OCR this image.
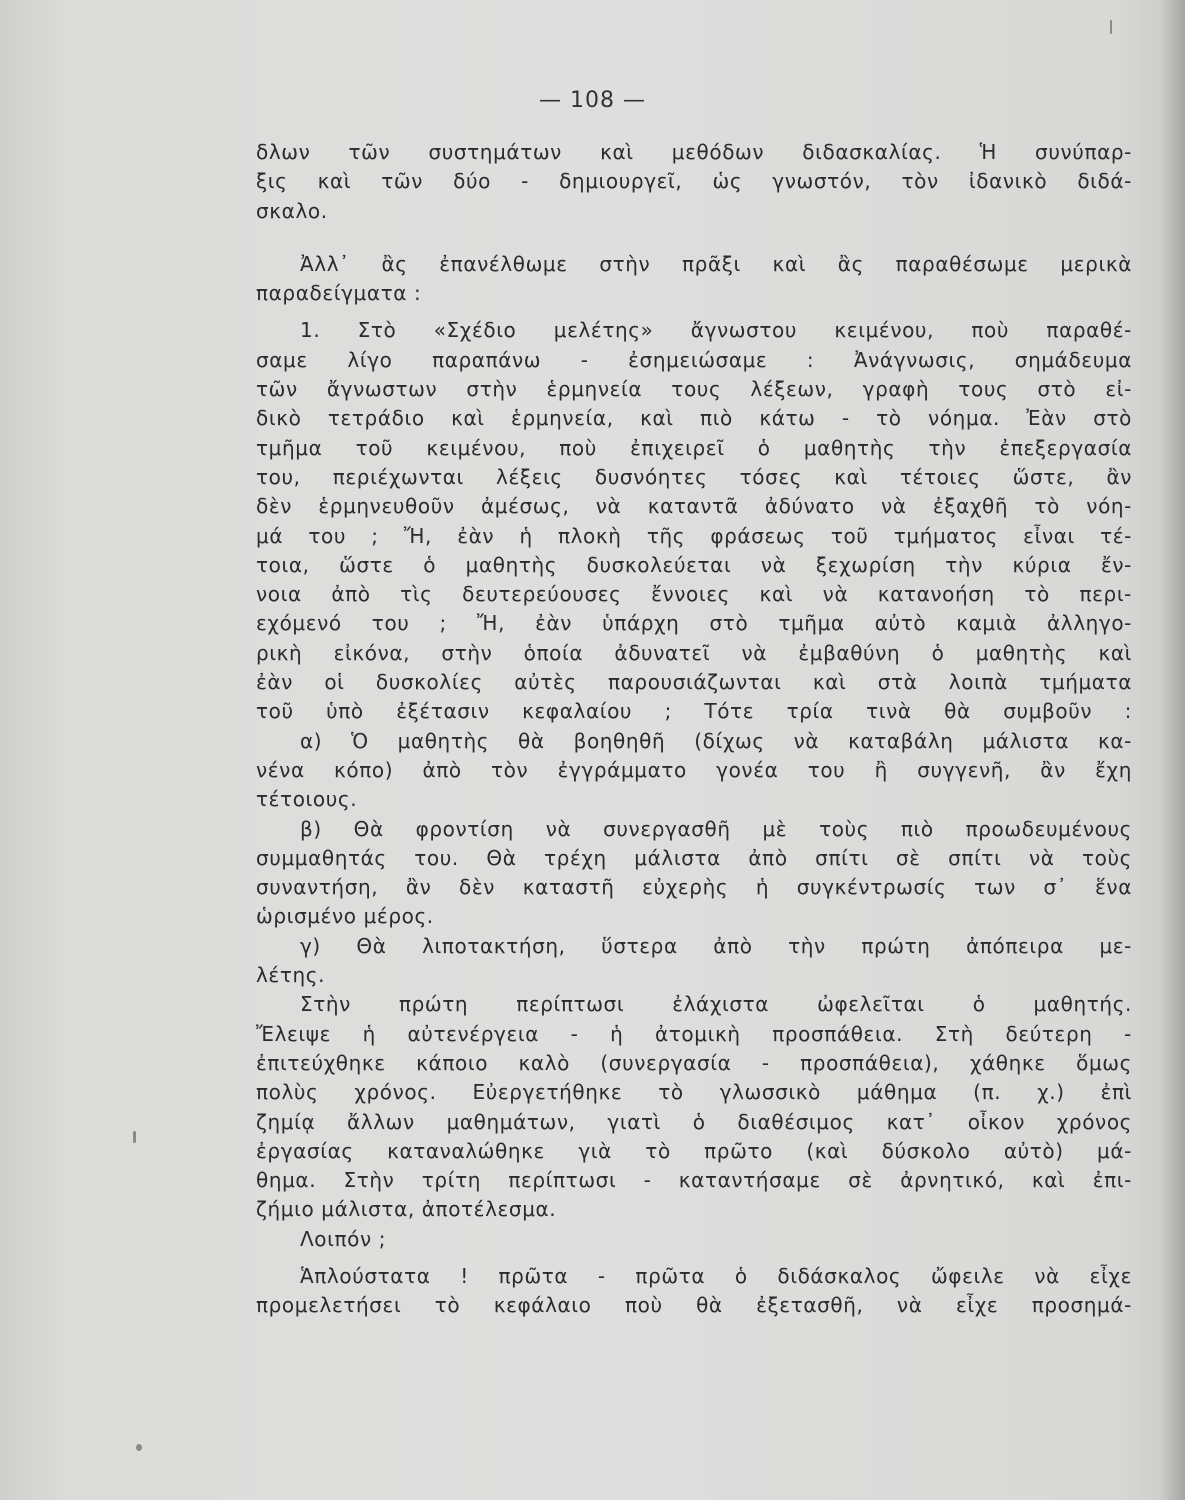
— 108 —
δλων τῶν συστημάτων καὶ μεθόδων διδασκαλίας. Ἡ συνύπαρ-
ξις καὶ τῶν δύο - δημιουργεῖ, ὡς γνωστόν, τὸν ἰδανικὸ διδά-
σκαλο.
Ἀλλ᾽ ἂς ἐπανέλθωμε στὴν πρᾶξι καὶ ἂς παραθέσωμε μερικὰ
παραδείγματα :
1. Στὸ «Σχέδιο μελέτης» ἄγνωστου κειμένου, ποὺ παραθέ-
σαμε λίγο παραπάνω - ἐσημειώσαμε : Ἀνάγνωσις, σημάδευμα
τῶν ἄγνωστων στὴν ἑρμηνεία τους λέξεων, γραφὴ τους στὸ εἰ-
δικὸ τετράδιο καὶ ἑρμηνεία, καὶ πιὸ κάτω - τὸ νόημα. Ἐὰν στὸ
τμῆμα τοῦ κειμένου, ποὺ ἐπιχειρεῖ ὁ μαθητὴς τὴν ἐπεξεργασία
του, περιέχωνται λέξεις δυσνόητες τόσες καὶ τέτοιες ὥστε, ἂν
δὲν ἑρμηνευθοῦν ἀμέσως, νὰ καταντᾶ ἀδύνατο νὰ ἐξαχθῆ τὸ νόη-
μά του ; Ἤ, ἐὰν ἡ πλοκὴ τῆς φράσεως τοῦ τμήματος εἶναι τέ-
τοια, ὥστε ὁ μαθητὴς δυσκολεύεται νὰ ξεχωρίση τὴν κύρια ἔν-
νοια ἀπὸ τὶς δευτερεύουσες ἔννοιες καὶ νὰ κατανοήση τὸ περι-
εχόμενό του ; Ἤ, ἐὰν ὑπάρχη στὸ τμῆμα αὐτὸ καμιὰ ἀλληγο-
ρικὴ εἰκόνα, στὴν ὁποία ἀδυνατεῖ νὰ ἐμβαθύνη ὁ μαθητὴς καὶ
ἐὰν οἱ δυσκολίες αὐτὲς παρουσιάζωνται καὶ στὰ λοιπὰ τμήματα
τοῦ ὑπὸ ἐξέτασιν κεφαλαίου ; Τότε τρία τινὰ θὰ συμβοῦν :
α) Ὁ μαθητὴς θὰ βοηθηθῆ (δίχως νὰ καταβάλη μάλιστα κα-
νένα κόπο) ἀπὸ τὸν ἐγγράμματο γονέα του ἢ συγγενῆ, ἂν ἔχη
τέτοιους.
β) Θὰ φροντίση νὰ συνεργασθῆ μὲ τοὺς πιὸ προωδευμένους
συμμαθητάς του. Θὰ τρέχη μάλιστα ἀπὸ σπίτι σὲ σπίτι νὰ τοὺς
συναντήση, ἂν δὲν καταστῆ εὐχερὴς ἡ συγκέντρωσίς των σ᾽ ἕνα
ὡρισμένο μέρος.
γ) Θὰ λιποτακτήση, ὕστερα ἀπὸ τὴν πρώτη ἀπόπειρα με-
λέτης.
Στὴν πρώτη περίπτωσι ἐλάχιστα ὠφελεῖται ὁ μαθητής.
Ἔλειψε ἡ αὐτενέργεια - ἡ ἀτομικὴ προσπάθεια. Στὴ δεύτερη -
ἐπιτεύχθηκε κάποιο καλὸ (συνεργασία - προσπάθεια), χάθηκε ὅμως
πολὺς χρόνος. Εὐεργετήθηκε τὸ γλωσσικὸ μάθημα (π. χ.) ἐπὶ
ζημίᾳ ἄλλων μαθημάτων, γιατὶ ὁ διαθέσιμος κατ᾽ οἶκον χρόνος
ἐργασίας καταναλώθηκε γιὰ τὸ πρῶτο (καὶ δύσκολο αὐτὸ) μά-
θημα. Στὴν τρίτη περίπτωσι - καταντήσαμε σὲ ἀρνητικό, καὶ ἐπι-
ζήμιο μάλιστα, ἀποτέλεσμα.
Λοιπόν ;
Ἁπλούστατα ! πρῶτα - πρῶτα ὁ διδάσκαλος ὤφειλε νὰ εἶχε
προμελετήσει τὸ κεφάλαιο ποὺ θὰ ἐξετασθῆ, νὰ εἶχε προσημά-
